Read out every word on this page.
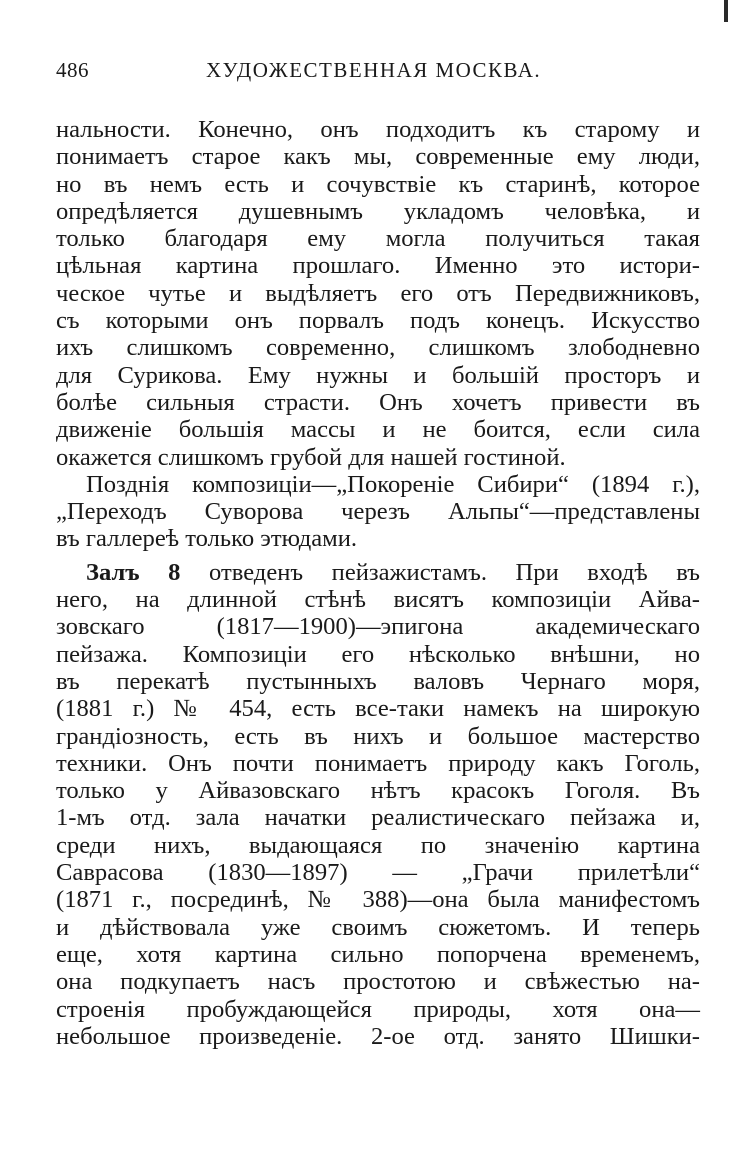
486	ХУДОЖЕСТВЕННАЯ МОСКВА.
нальности. Конечно, онъ подходитъ къ старому и
понимаетъ старое какъ мы, современные ему люди,
но въ немъ есть и сочувствіе къ старинѣ, которое
опредѣляется душевнымъ укладомъ человѣка, и
только благодаря ему могла получиться такая
цѣльная картина прошлаго. Именно это истори-
ческое чутье и выдѣляетъ его отъ Передвижниковъ,
съ которыми онъ порвалъ подъ конецъ. Искусство
ихъ слишкомъ современно, слишкомъ злободневно
для Сурикова. Ему нужны и большій просторъ и
болѣе сильныя страсти. Онъ хочетъ привести въ
движеніе большія массы и не боится, если сила
окажется слишкомъ грубой для нашей гостиной.
Позднія композиціи—„Покореніе Сибири“ (1894 г.),
„Переходъ Суворова черезъ Альпы“—представлены
въ галлереѣ только этюдами.
Залъ 8 отведенъ пейзажистамъ. При входѣ въ
него, на длинной стѣнѣ висятъ композиціи Айва-
зовскаго (1817—1900)—эпигона академическаго
пейзажа. Композиціи его нѣсколько внѣшни, но
въ перекатѣ пустынныхъ валовъ Чернаго моря,
(1881 г.) № 454, есть все-таки намекъ на широкую
грандіозность, есть въ нихъ и большое мастерство
техники. Онъ почти понимаетъ природу какъ Гоголь,
только у Айвазовскаго нѣтъ красокъ Гоголя. Въ
1-мъ отд. зала начатки реалистическаго пейзажа и,
среди нихъ, выдающаяся по значенію картина
Саврасова (1830—1897) — „Грачи прилетѣли“
(1871 г., посрединѣ, № 388)—она была манифестомъ
и дѣйствовала уже своимъ сюжетомъ. И теперь
еще, хотя картина сильно попорчена временемъ,
она подкупаетъ насъ простотою и свѣжестью на-
строенія пробуждающейся природы, хотя она—
небольшое произведеніе. 2-ое отд. занято Шишки-
